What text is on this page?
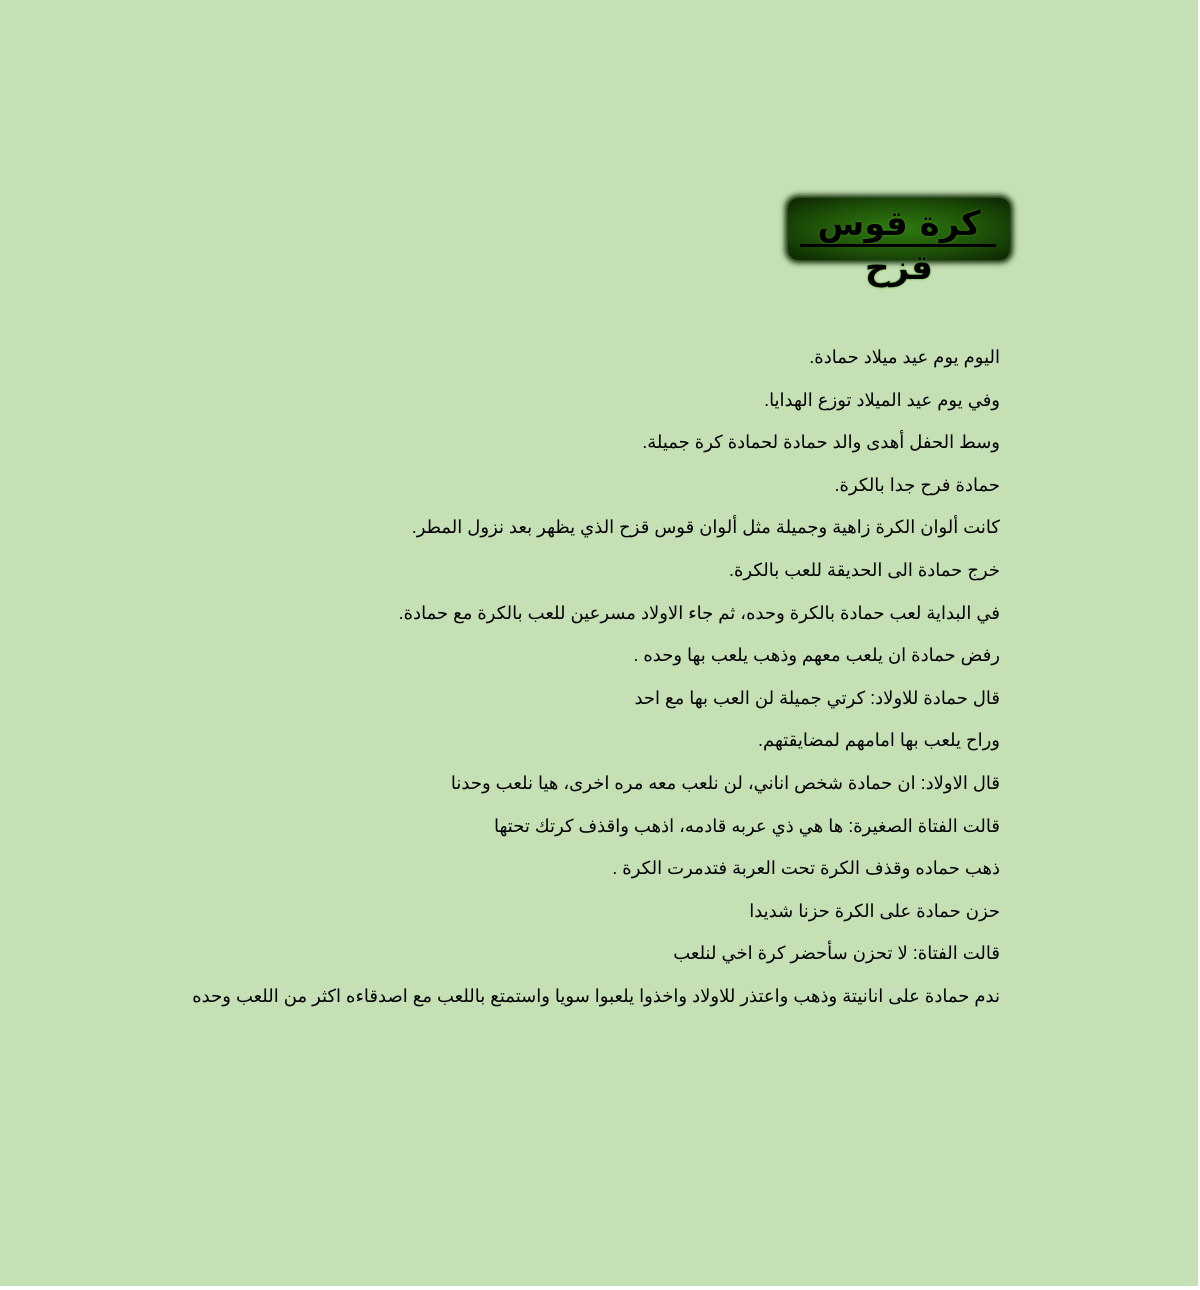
كرة قوس قزح
اليوم يوم عيد ميلاد حمادة.
وفي يوم عيد الميلاد توزع الهدايا.
وسط الحفل أهدى والد حمادة لحمادة كرة جميلة.
حمادة فرح جدا بالكرة.
كانت ألوان الكرة زاهية وجميلة مثل ألوان قوس قزح الذي يظهر بعد نزول المطر.
خرج حمادة الى الحديقة للعب بالكرة.
في البداية لعب حمادة بالكرة وحده، ثم جاء الاولاد مسرعين للعب بالكرة مع حمادة.
رفض حمادة ان يلعب معهم وذهب يلعب بها وحده .
قال حمادة للاولاد: كرتي جميلة لن العب بها مع احد
وراح يلعب بها امامهم لمضايقتهم.
قال الاولاد: ان حمادة شخص اناني، لن نلعب معه مره اخرى، هيا نلعب وحدنا
قالت الفتاة الصغيرة: ها هي ذي عربه قادمه، اذهب واقذف كرتك تحتها
ذهب حماده وقذف الكرة تحت العربة فتدمرت الكرة .
حزن حمادة على الكرة حزنا شديدا
قالت الفتاة: لا تحزن سأحضر كرة اخي لنلعب
ندم حمادة على انانيتة وذهب واعتذر للاولاد واخذوا يلعبوا سويا واستمتع باللعب مع اصدقاءه اكثر من اللعب وحده
